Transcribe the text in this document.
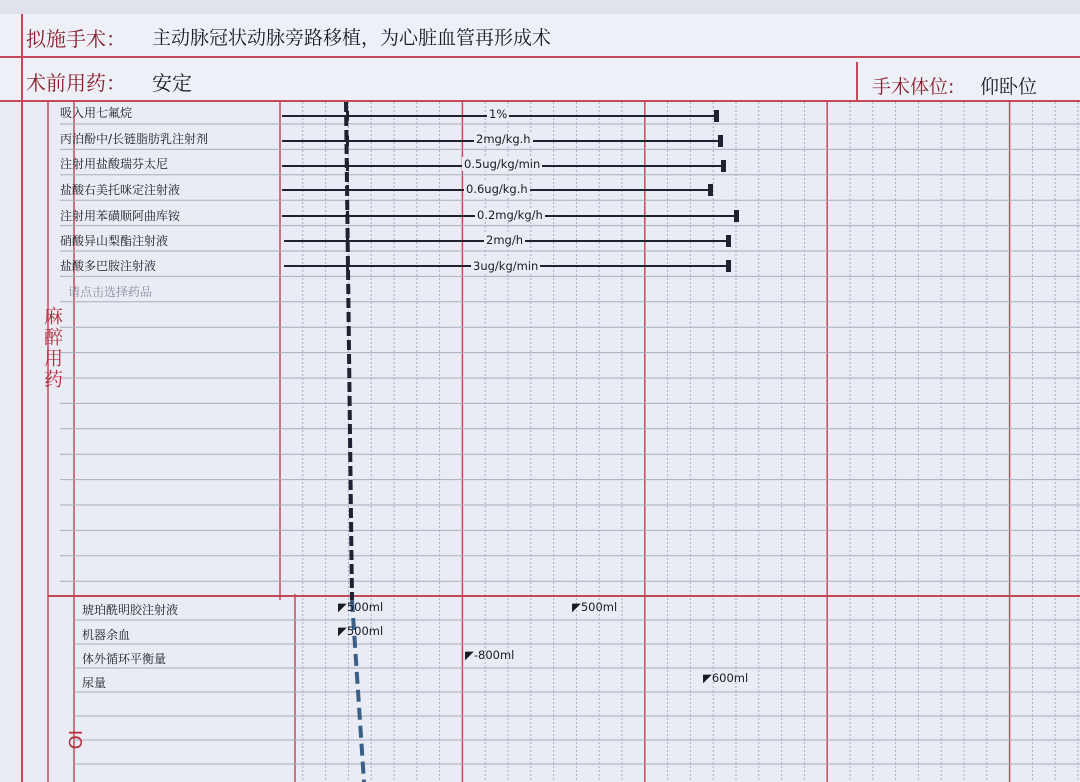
拟施手术： 主动脉冠状动脉旁路移植，为心脏血管再形成术
术前用药： 安定	手术体位: 仰卧位
麻醉用药
IO
吸入用七氟烷
丙泊酚中/长链脂肪乳注射剂
注射用盐酸瑞芬太尼
盐酸右美托咪定注射液
注射用苯磺顺阿曲库铵
硝酸异山梨酯注射液
盐酸多巴胺注射液
请点击选择药品
1%
2mg/kg.h
0.5ug/kg/min
0.6ug/kg.h
0.2mg/kg/h
2mg/h
3ug/kg/min
琥珀酰明胶注射液
机器余血
体外循环平衡量
尿量
◤500ml	◤500ml
◤500ml
◤-800ml
◤600ml
